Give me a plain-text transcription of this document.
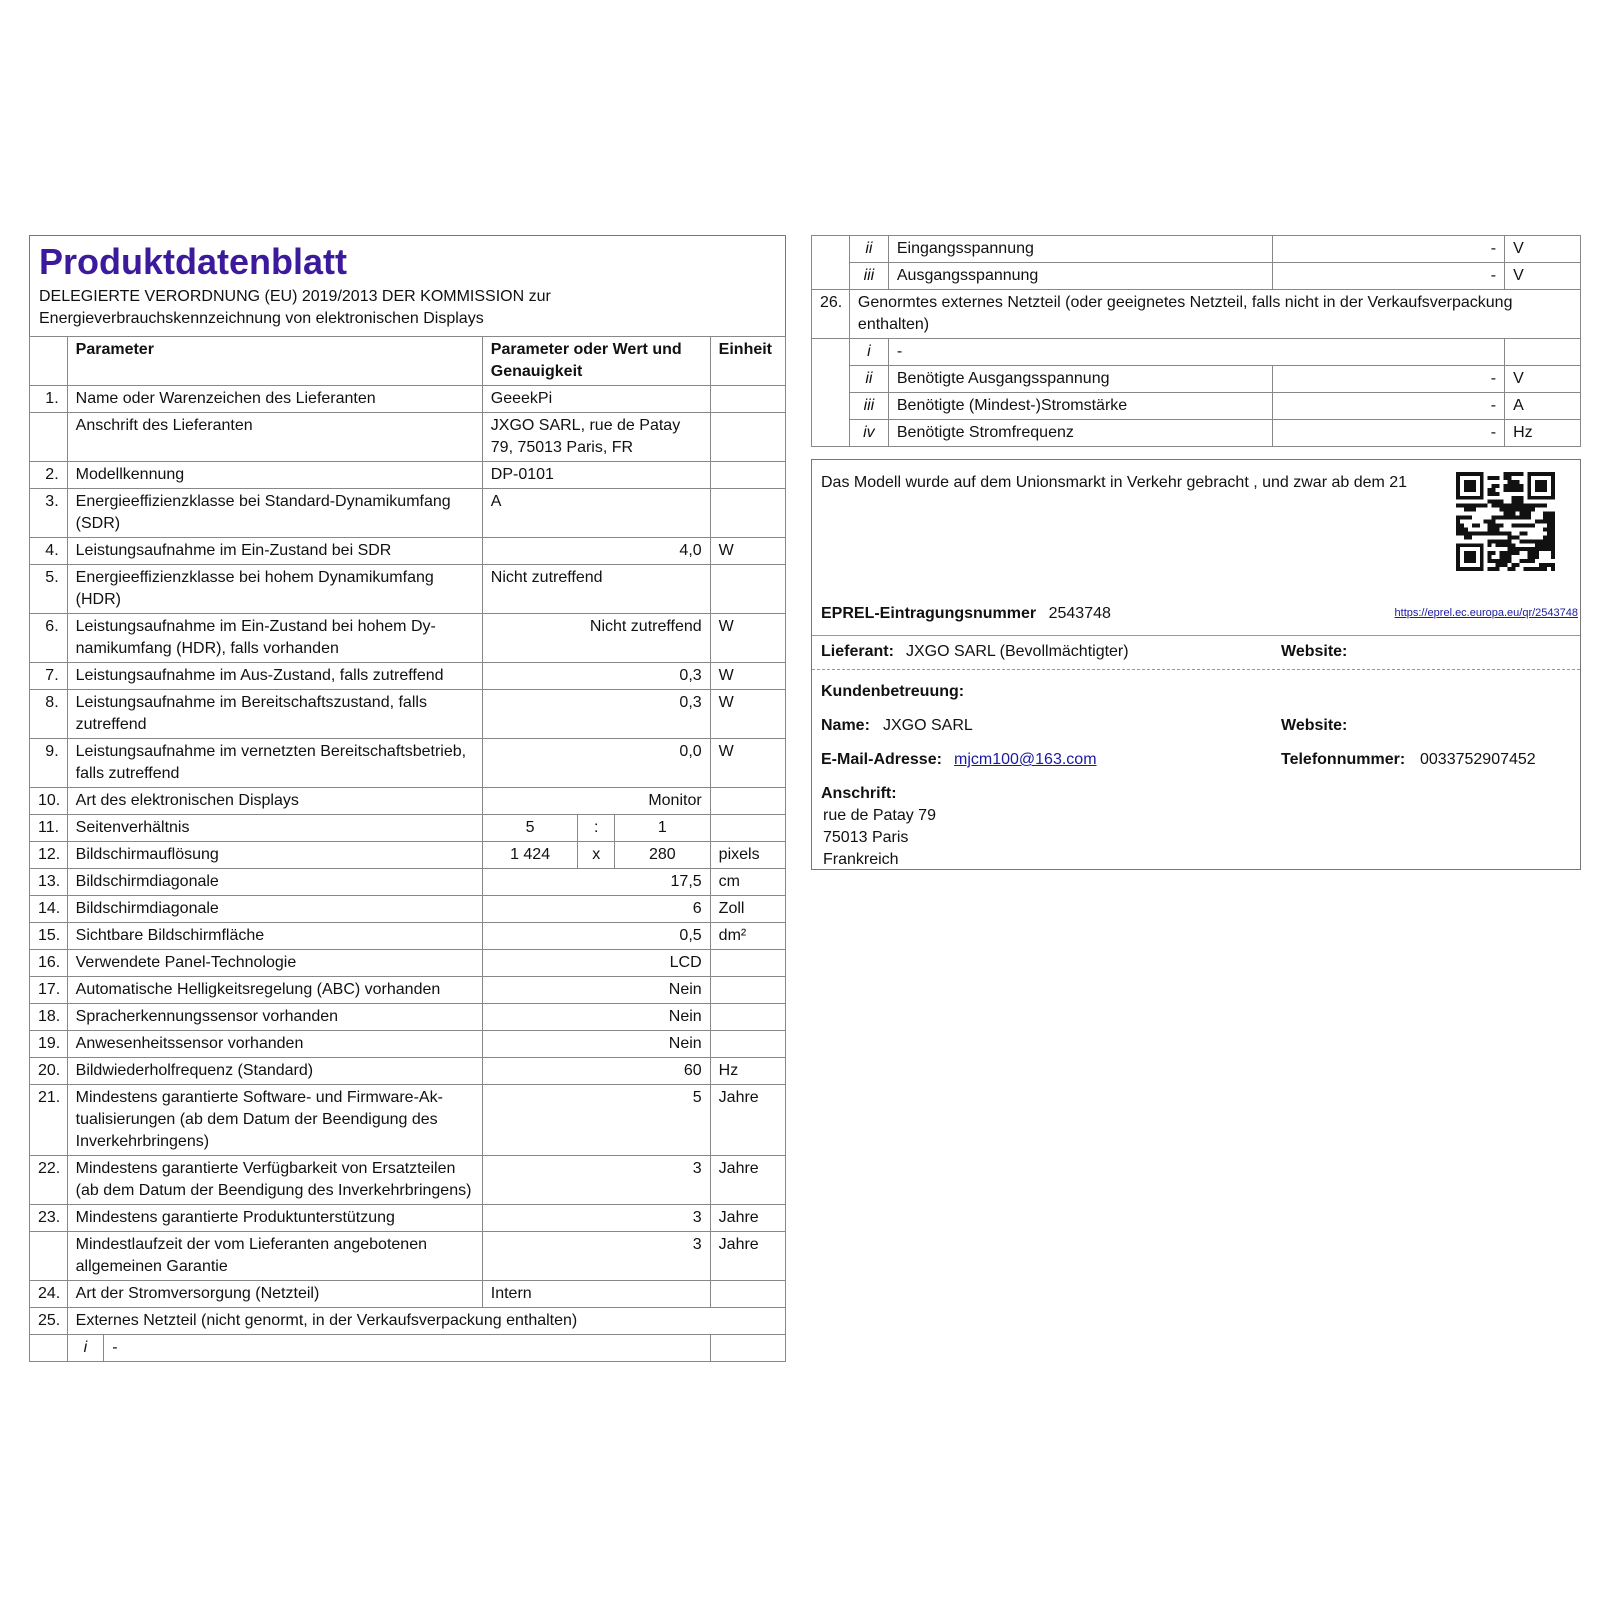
Produktdatenblatt
DELEGIERTE VERORDNUNG (EU) 2019/2013 DER KOMMISSION zur
Energieverbrauchskennzeichnung von elektronischen Displays
	Parameter		Parameter oder Wert und Genauigkeit			Einheit
1.	Name oder Warenzeichen des Lieferanten		GeeekPi			
	Anschrift des Lieferanten		JXGO SARL, rue de Patay 79, 75013 Paris, FR			
2.	Modellkennung		DP-0101			
3.	Energieeffizienzklasse bei Standard-Dynamikumfang (SDR)		A			
4.	Leistungsaufnahme im Ein-Zustand bei SDR		4,0			W
5.	Energieeffizienzklasse bei hohem Dynamikumfang (HDR)		Nicht zutreffend			
6.	Leistungsaufnahme im Ein-Zustand bei hohem Dynamikumfang (HDR), falls vorhanden		Nicht zutreffend			W
7.	Leistungsaufnahme im Aus-Zustand, falls zutreffend		0,3			W
8.	Leistungsaufnahme im Bereitschaftszustand, falls zutreffend		0,3			W
9.	Leistungsaufnahme im vernetzten Bereitschaftsbetrieb, falls zutreffend		0,0			W
10.	Art des elektronischen Displays		Monitor			
11.	Seitenverhältnis		5	:	1	
12.	Bildschirmauflösung		1 424	x	280	pixels
13.	Bildschirmdiagonale		17,5			cm
14.	Bildschirmdiagonale		6			Zoll
15.	Sichtbare Bildschirmfläche		0,5			dm²
16.	Verwendete Panel-Technologie		LCD			
17.	Automatische Helligkeitsregelung (ABC) vorhanden		Nein			
18.	Spracherkennungssensor vorhanden		Nein			
19.	Anwesenheitssensor vorhanden		Nein			
20.	Bildwiederholfrequenz (Standard)		60			Hz
21.	Mindestens garantierte Software- und Firmware-Aktualisierungen (ab dem Datum der Beendigung des Inverkehrbringens)		5			Jahre
22.	Mindestens garantierte Verfügbarkeit von Ersatzteilen (ab dem Datum der Beendigung des Inverkehrbringens)		3			Jahre
23.	Mindestens garantierte Produktunterstützung		3			Jahre
	Mindestlaufzeit der vom Lieferanten angebotenen allgemeinen Garantie		3			Jahre
24.	Art der Stromversorgung (Netzteil)		Intern			
25.	Externes Netzteil (nicht genormt, in der Verkaufsverpackung enthalten)					
	i	-				
	ii	Eingangsspannung	-	V
	iii	Ausgangsspannung	-	V
26.	Genormtes externes Netzteil (oder geeignetes Netzteil, falls nicht in der Verkaufsverpackung enthalten)			
	i	-		
	ii	Benötigte Ausgangsspannung	-	V
	iii	Benötigte (Mindest-)Stromstärke	-	A
	iv	Benötigte Stromfrequenz	-	Hz
Das Modell wurde auf dem Unionsmarkt in Verkehr gebracht , und zwar ab dem 21
EPREL-Eintragungsnummer 2543748	https://eprel.ec.europa.eu/qr/2543748
Lieferant: JXGO SARL (Bevollmächtigter)	Website:
Kundenbetreuung:
Name: JXGO SARL	Website:
E-Mail-Adresse: mjcm100@163.com	Telefonnummer: 0033752907452
Anschrift:
rue de Patay 79
75013 Paris
Frankreich
